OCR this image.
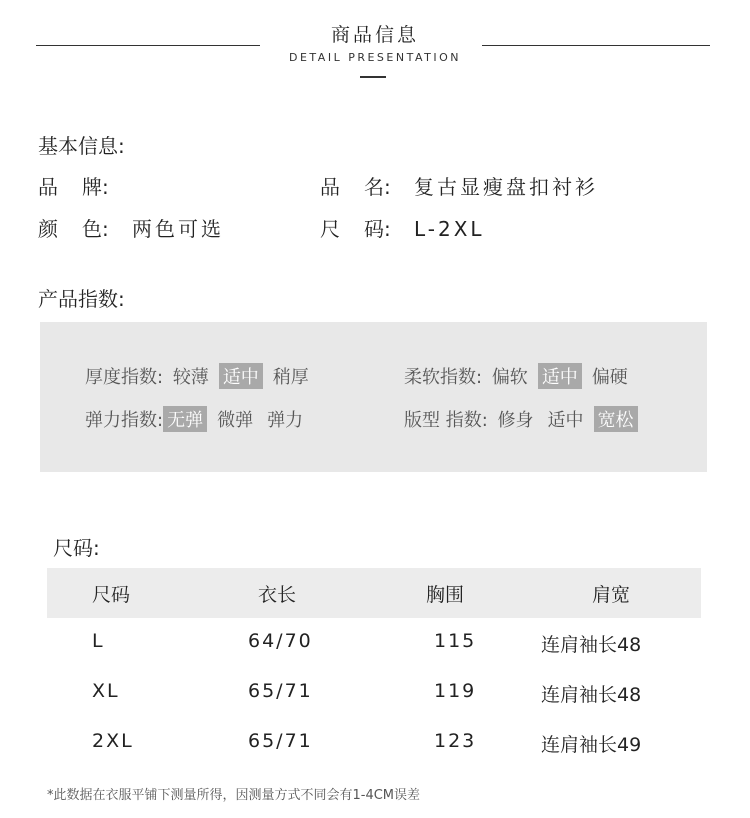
商品信息
DETAIL PRESENTATION
基本信息:
品 牌:	品 名: 复古显瘦盘扣衬衫
颜 色: 两色可选	尺 码: L-2XL
产品指数:
厚度指数: 较薄 适中 稍厚	柔软指数: 偏软 适中 偏硬
弹力指数: 无弹 微弹 弹力	版型 指数: 修身 适中 宽松
尺码:
尺码	衣长	胸围	肩宽
L	64/70	115	连肩袖长48
XL	65/71	119	连肩袖长48
2XL	65/71	123	连肩袖长49
*此数据在衣服平铺下测量所得，因测量方式不同会有1-4CM误差
